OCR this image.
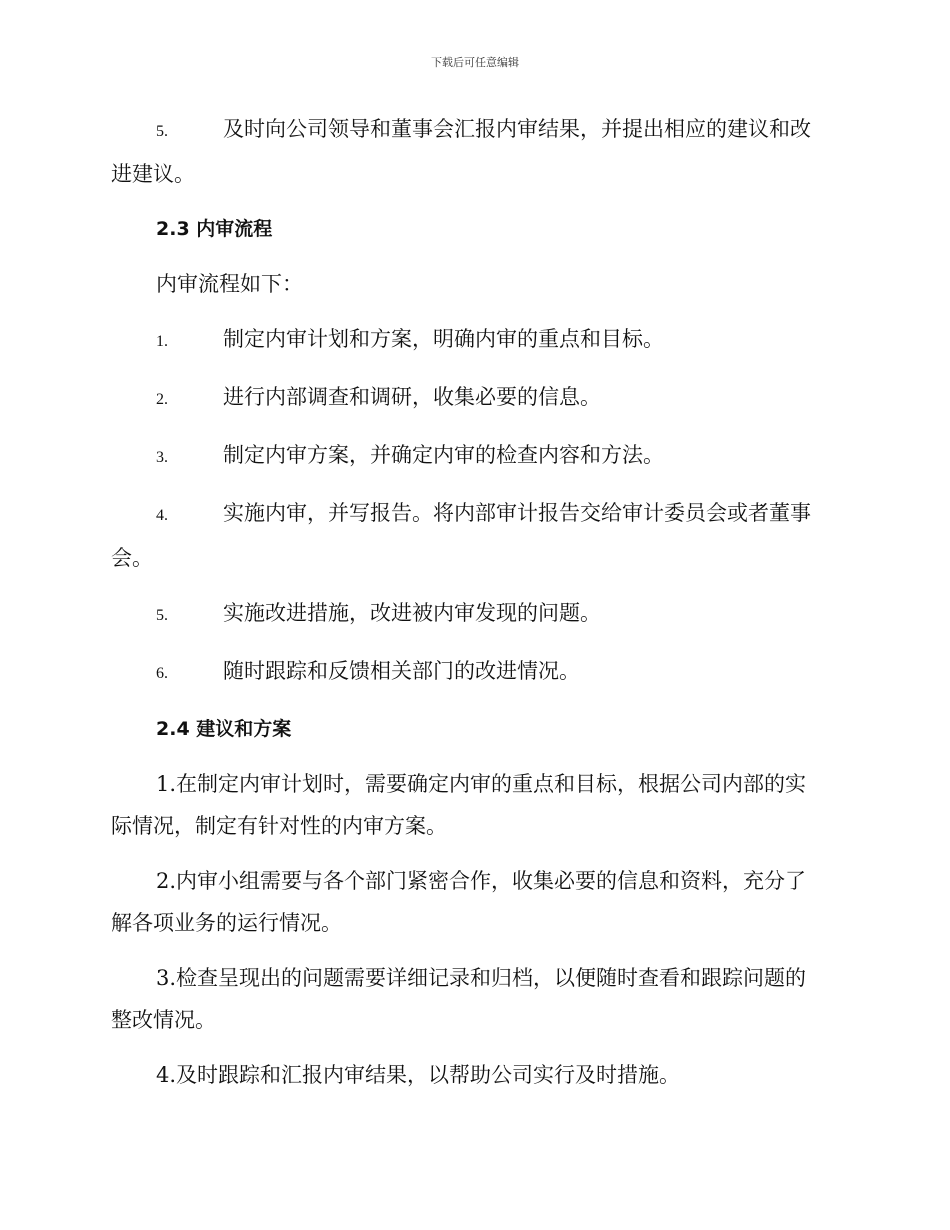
下载后可任意编辑
5.	及时向公司领导和董事会汇报内审结果，并提出相应的建议和改
进建议。
2.3 内审流程
内审流程如下：
1.	制定内审计划和方案，明确内审的重点和目标。
2.	进行内部调查和调研，收集必要的信息。
3.	制定内审方案，并确定内审的检查内容和方法。
4.	实施内审，并写报告。将内部审计报告交给审计委员会或者董事
会。
5.	实施改进措施，改进被内审发现的问题。
6.	随时跟踪和反馈相关部门的改进情况。
2.4 建议和方案
1.在制定内审计划时，需要确定内审的重点和目标，根据公司内部的实
际情况，制定有针对性的内审方案。
2.内审小组需要与各个部门紧密合作，收集必要的信息和资料，充分了
解各项业务的运行情况。
3.检查呈现出的问题需要详细记录和归档，以便随时查看和跟踪问题的
整改情况。
4.及时跟踪和汇报内审结果，以帮助公司实行及时措施。
